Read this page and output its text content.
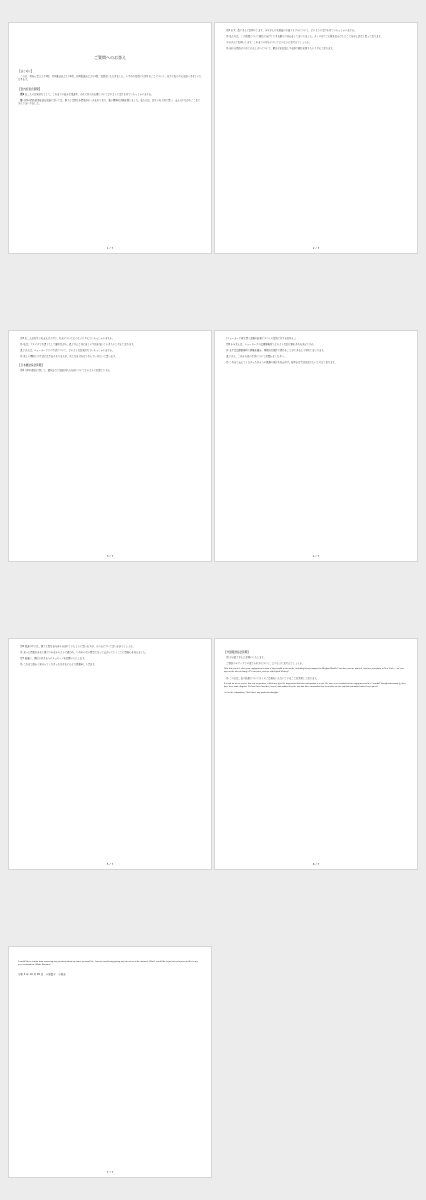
ご質問へのお答え
【はじめに】

この度、宮内庁長官より1問、日本雑誌協会より1問、外国報道協会より1問、質問をいただきました。いずれの質問にも関することについて、以下に私の考えを述べさせていただきます。

【宮内記者会質問】

問1 お二人のお気持ちとして、これまでの様々な報道や、それに伴う出来事についてどのように受け止めていらっしゃいますか。

答 今回の婚約延期を巡る報道においては、事実とは異なる情報が多く含まれており、強い精神的苦痛を感じました。私たちは、お互いを大切に思い、支え合いながらここまで歩んでまいりました。

1 / 7

問2 まず、眞子さんにお伺いします。小室さんのお母様の金銭トラブルについて、どのように受け止めていらっしゃいますか。

答 私たちは、この問題について解決に向けてできる限りの対応をしてまいりました。多くの方にご心配をおかけしたことを申し訳なく思っております。

小室さんにお伺いします。これまでの対応についてどのようにお考えでしょうか。

答 母の元婚約者の方との話し合いについて、解決金をお渡しする形で解決を図りたいと考えております。

2 / 7

問3 お二人がお互いを支え合う中で、将来についてどのように考えていらっしゃいますか。

答 私は、アメリカで弁護士として働きながら、眞子さんと共に新しい生活を築いていきたいと考えております。

眞子さんは、ニューヨークでの生活について、どのようなお気持ちでいらっしゃいますか。

答 新しい環境での生活には不安もありますが、夫と力を合わせて歩んでいきたいと思います。

【日本雑誌協会質問】

問4 今回の婚約に関して、週刊誌等で報道された内容についてどのようにお感じですか。

3 / 7

(ニューヨーク州弁護士試験の結果についての質問に対するお答え。）

問5 小室さんは、ニューヨークの法律事務所でどのようなお仕事をされる予定ですか。

答 まずは法律事務所で経験を積み、国際的な案件に携わることができるよう努めてまいります。

眞子さん、これから先の生活についてお聞かせください。

答 これまで支えてくださった方々への感謝の気持ちを忘れず、穏やかな生活を送りたいと考えております。

4 / 7

問6 報道の中には、事実と異なる内容も含まれていたように思いますが、その点についてはいかがでしょうか。

答 誤った情報がまるで事実であるかのように扱われ、いわれのない物語となって広がっていくことに恐怖心を覚えました。

問7 最後に、国民の皆さまへのメッセージをお願いいたします。

答 これまで温かく見守ってくださった皆さまに心より感謝申し上げます。

5 / 7
【外国報道協会質問】

問 小室眞子さんにお伺いいたします。

ご婚約のメディアでの報じられ方について、どのようにお考えでしょうか。

How did you feel when your engagement became a big scandal in the media, including being compared to Meghan Markle? And how you are married, what are your plans in New York — are you open to the idea of doing a TV interview, such as with Oprah Winfrey?

答 この度は、私の結婚について多くのご意見をいただいていることを承知しております。

It is sad for me to receive this sort of question, which may give the impression that false information is a fact. We have never considered our engagement to be a "scandal" though unfortunately, there have been some disputes. We have been horrified, scared, and saddened by the fact that false information has been taken as fact and that unfounded stories have spread.

As for the comparison, I don't have any particular thoughts.

6 / 7

I would like to refrain from answering any questions about my future personal life. I am not considering giving any interviews at the moment. What I would like is just to lead a peaceful life in my new environment. (Mako Komuro)

令和 3 年 10 月 26 日　小室眞子　小室圭
7 / 7
